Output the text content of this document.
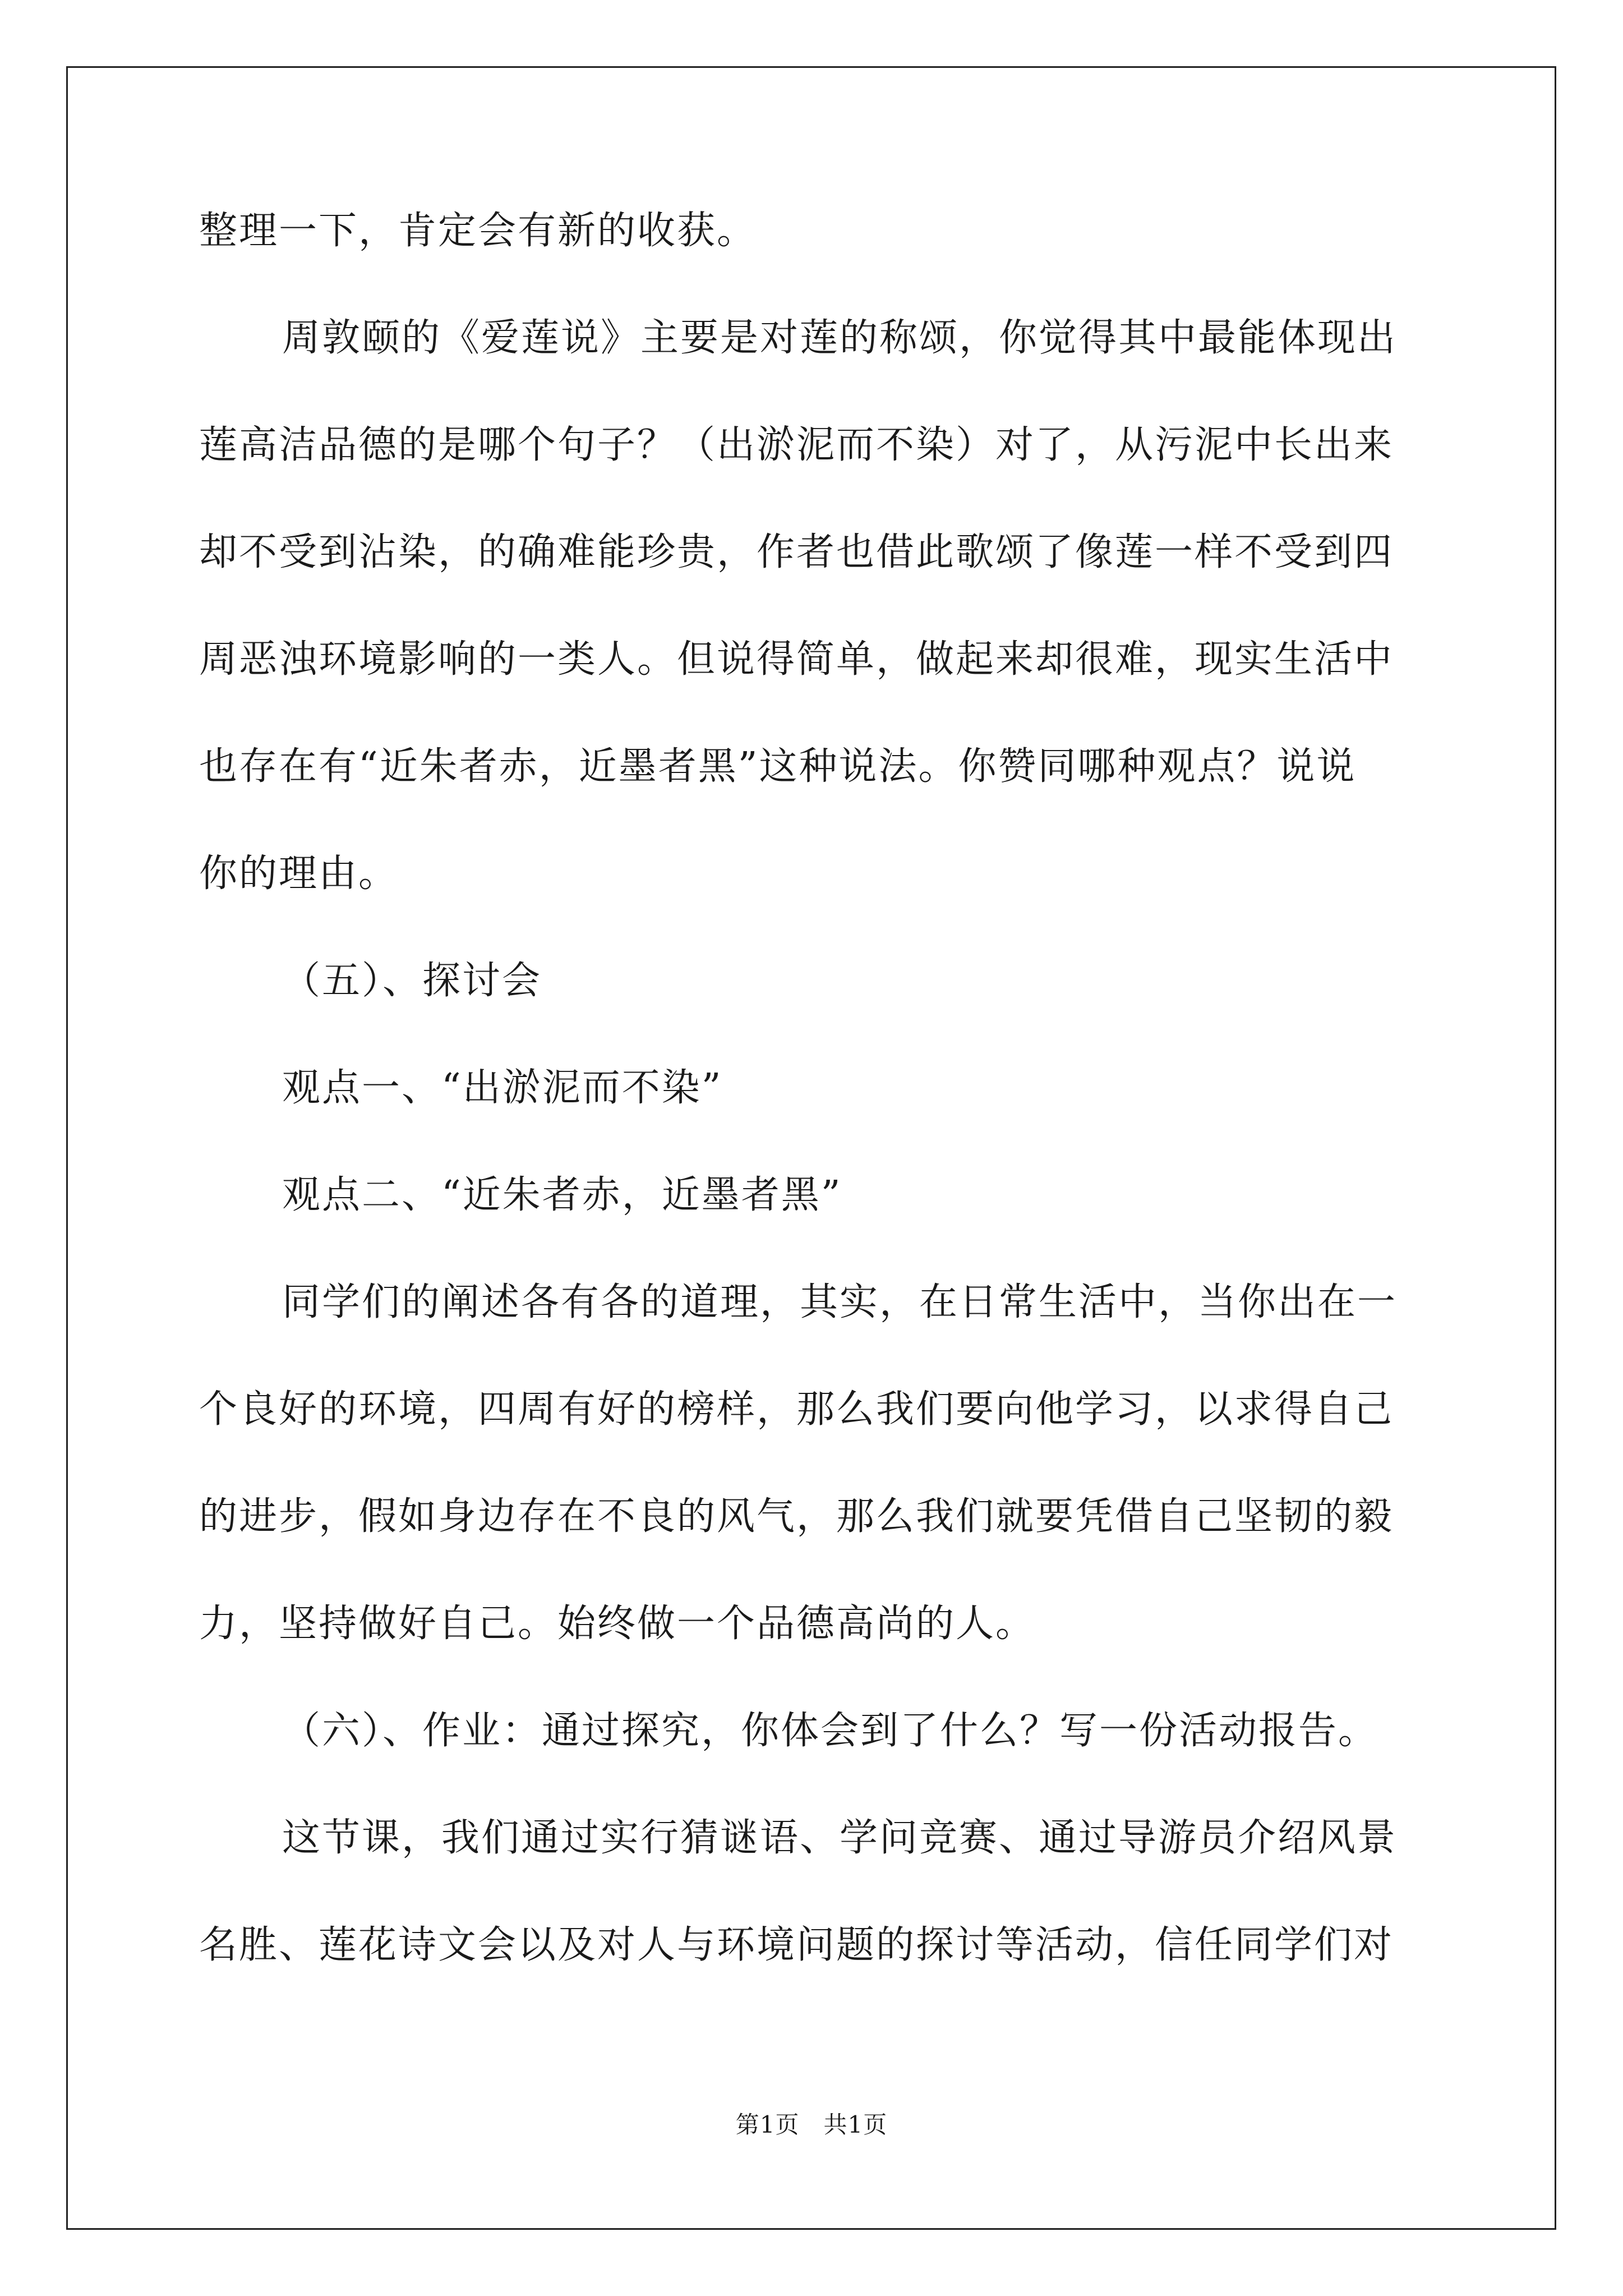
整理一下，肯定会有新的收获。
周敦颐的《爱莲说》主要是对莲的称颂，你觉得其中最能体现出
莲高洁品德的是哪个句子？（出淤泥而不染）对了，从污泥中长出来
却不受到沾染，的确难能珍贵，作者也借此歌颂了像莲一样不受到四
周恶浊环境影响的一类人。但说得简单，做起来却很难，现实生活中
也存在有“近朱者赤，近墨者黑”这种说法。你赞同哪种观点？说说
你的理由。
（五）、探讨会
观点一、“出淤泥而不染”
观点二、“近朱者赤，近墨者黑”
同学们的阐述各有各的道理，其实，在日常生活中，当你出在一
个良好的环境，四周有好的榜样，那么我们要向他学习，以求得自己
的进步，假如身边存在不良的风气，那么我们就要凭借自己坚韧的毅
力，坚持做好自己。始终做一个品德高尚的人。
（六）、作业：通过探究，你体会到了什么？写一份活动报告。
这节课，我们通过实行猜谜语、学问竞赛、通过导游员介绍风景
名胜、莲花诗文会以及对人与环境问题的探讨等活动，信任同学们对
第1页　共1页
